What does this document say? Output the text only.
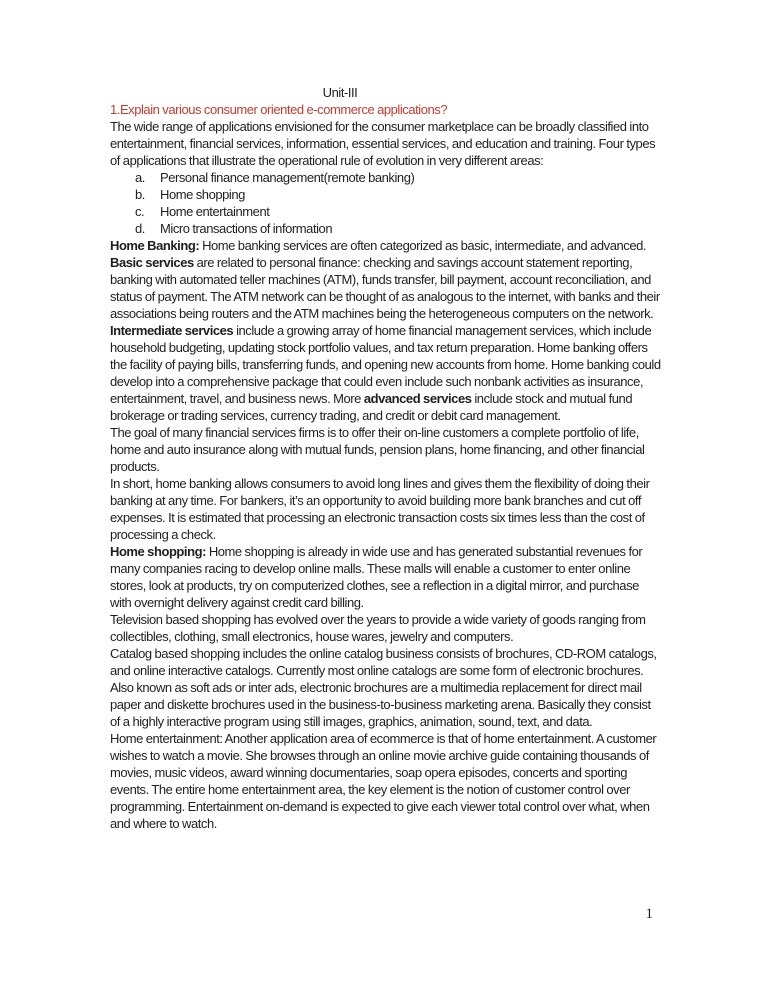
Unit-III
1.Explain various consumer oriented e-commerce applications?
The wide range of applications envisioned for the consumer marketplace can be broadly classified into entertainment, financial services, information, essential services, and education and training. Four types of applications that illustrate the operational rule of evolution in very different areas:
a.	Personal finance management(remote banking)
b.	Home shopping
c.	Home entertainment
d.	Micro transactions of information
Home Banking: Home banking services are often categorized as basic, intermediate, and advanced. Basic services are related to personal finance: checking and savings account statement reporting, banking with automated teller machines (ATM), funds transfer, bill payment, account reconciliation, and status of payment. The ATM network can be thought of as analogous to the internet, with banks and their associations being routers and the ATM machines being the heterogeneous computers on the network.
Intermediate services include a growing array of home financial management services, which include household budgeting, updating stock portfolio values, and tax return preparation. Home banking offers the facility of paying bills, transferring funds, and opening new accounts from home. Home banking could develop into a comprehensive package that could even include such nonbank activities as insurance, entertainment, travel, and business news. More advanced services include stock and mutual fund brokerage or trading services, currency trading, and credit or debit card management.
The goal of many financial services firms is to offer their on-line customers a complete portfolio of life, home and auto insurance along with mutual funds, pension plans, home financing, and other financial products.
In short, home banking allows consumers to avoid long lines and gives them the flexibility of doing their banking at any time. For bankers, it’s an opportunity to avoid building more bank branches and cut off expenses. It is estimated that processing an electronic transaction costs six times less than the cost of processing a check.
Home shopping: Home shopping is already in wide use and has generated substantial revenues for many companies racing to develop online malls. These malls will enable a customer to enter online stores, look at products, try on computerized clothes, see a reflection in a digital mirror, and purchase with overnight delivery against credit card billing.
Television based shopping has evolved over the years to provide a wide variety of goods ranging from collectibles, clothing, small electronics, house wares, jewelry and computers.
Catalog based shopping includes the online catalog business consists of brochures, CD-ROM catalogs, and online interactive catalogs. Currently most online catalogs are some form of electronic brochures. Also known as soft ads or inter ads, electronic brochures are a multimedia replacement for direct mail paper and diskette brochures used in the business-to-business marketing arena. Basically they consist of a highly interactive program using still images, graphics, animation, sound, text, and data.
Home entertainment: Another application area of ecommerce is that of home entertainment. A customer wishes to watch a movie. She browses through an online movie archive guide containing thousands of movies, music videos, award winning documentaries, soap opera episodes, concerts and sporting events. The entire home entertainment area, the key element is the notion of customer control over programming. Entertainment on-demand is expected to give each viewer total control over what, when and where to watch.
1
